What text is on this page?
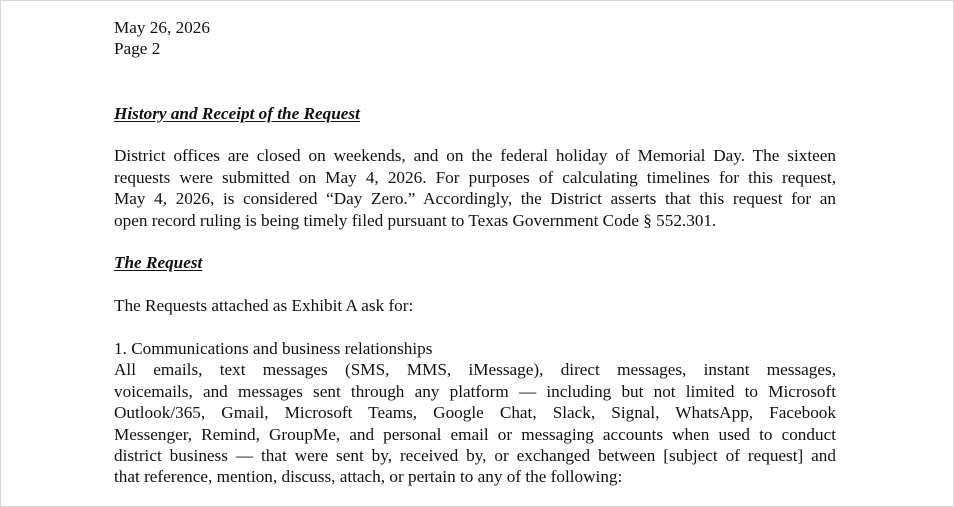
May 26, 2026
Page 2
History and Receipt of the Request
District offices are closed on weekends, and on the federal holiday of Memorial Day. The sixteen
requests were submitted on May 4, 2026. For purposes of calculating timelines for this request,
May 4, 2026, is considered “Day Zero.” Accordingly, the District asserts that this request for an
open record ruling is being timely filed pursuant to Texas Government Code § 552.301.
The Request
The Requests attached as Exhibit A ask for:
1. Communications and business relationships
All emails, text messages (SMS, MMS, iMessage), direct messages, instant messages,
voicemails, and messages sent through any platform — including but not limited to Microsoft
Outlook/365, Gmail, Microsoft Teams, Google Chat, Slack, Signal, WhatsApp, Facebook
Messenger, Remind, GroupMe, and personal email or messaging accounts when used to conduct
district business — that were sent by, received by, or exchanged between [subject of request] and
that reference, mention, discuss, attach, or pertain to any of the following:
